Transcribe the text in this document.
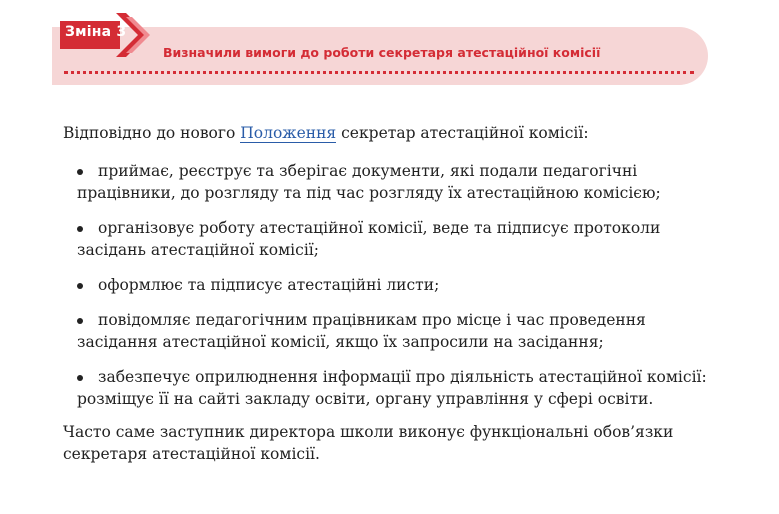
Зміна 3
Визначили вимоги до роботи секретаря атестаційної комісії

Відповідно до нового Положення секретар атестаційної комісії:

приймає, реєструє та зберігає документи, які подали педагогічні працівники, до розгляду та під час розгляду їх атестаційною комісією;
організовує роботу атестаційної комісії, веде та підписує протоколи засідань атестаційної комісії;
оформлює та підписує атестаційні листи;
повідомляє педагогічним працівникам про місце і час проведення засідання атестаційної комісії, якщо їх запросили на засідання;
забезпечує оприлюднення інформації про діяльність атестаційної комісії: розміщує її на сайті закладу освіти, органу управління у сфері освіти.

Часто саме заступник директора школи виконує функціональні обов’язки секретаря атестаційної комісії.
